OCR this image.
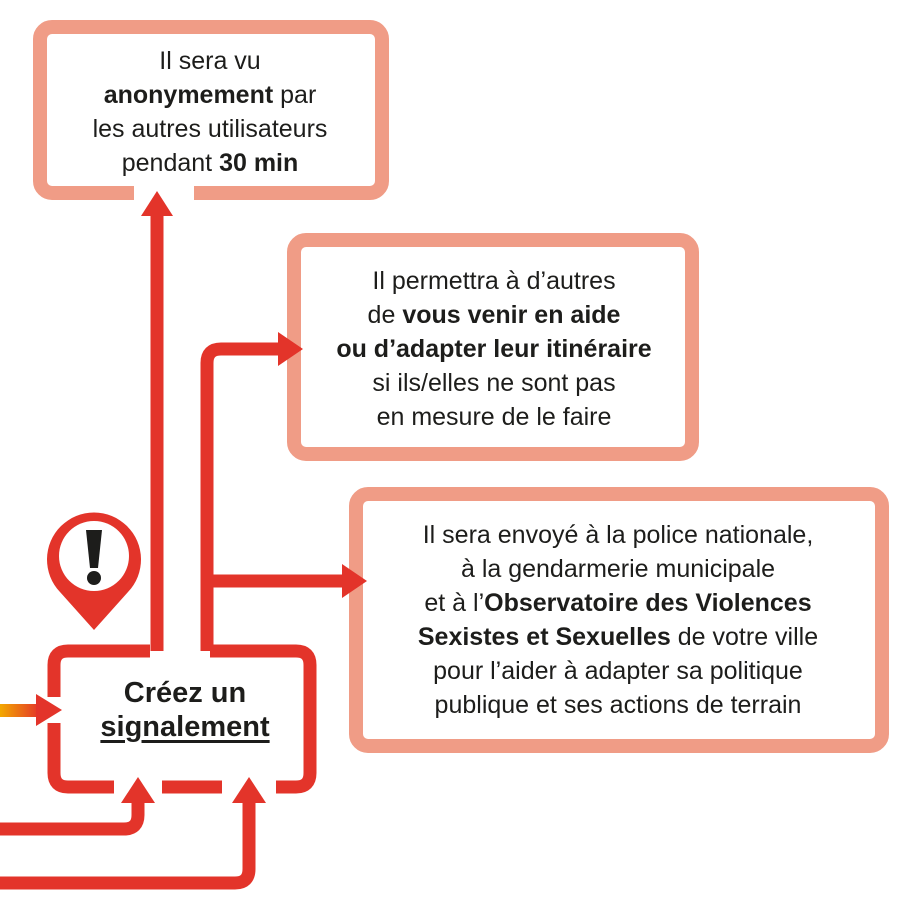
Il sera vu

anonymement par

les autres utilisateurs

pendant 30 min

Il permettra à d’autres

de vous venir en aide

ou d’adapter leur itinéraire

si ils/elles ne sont pas

en mesure de le faire

Il sera envoyé à la police nationale,

à la gendarmerie municipale

et à l’Observatoire des Violences

Sexistes et Sexuelles de votre ville

pour l’aider à adapter sa politique

publique et ses actions de terrain

Créez un

signalement
